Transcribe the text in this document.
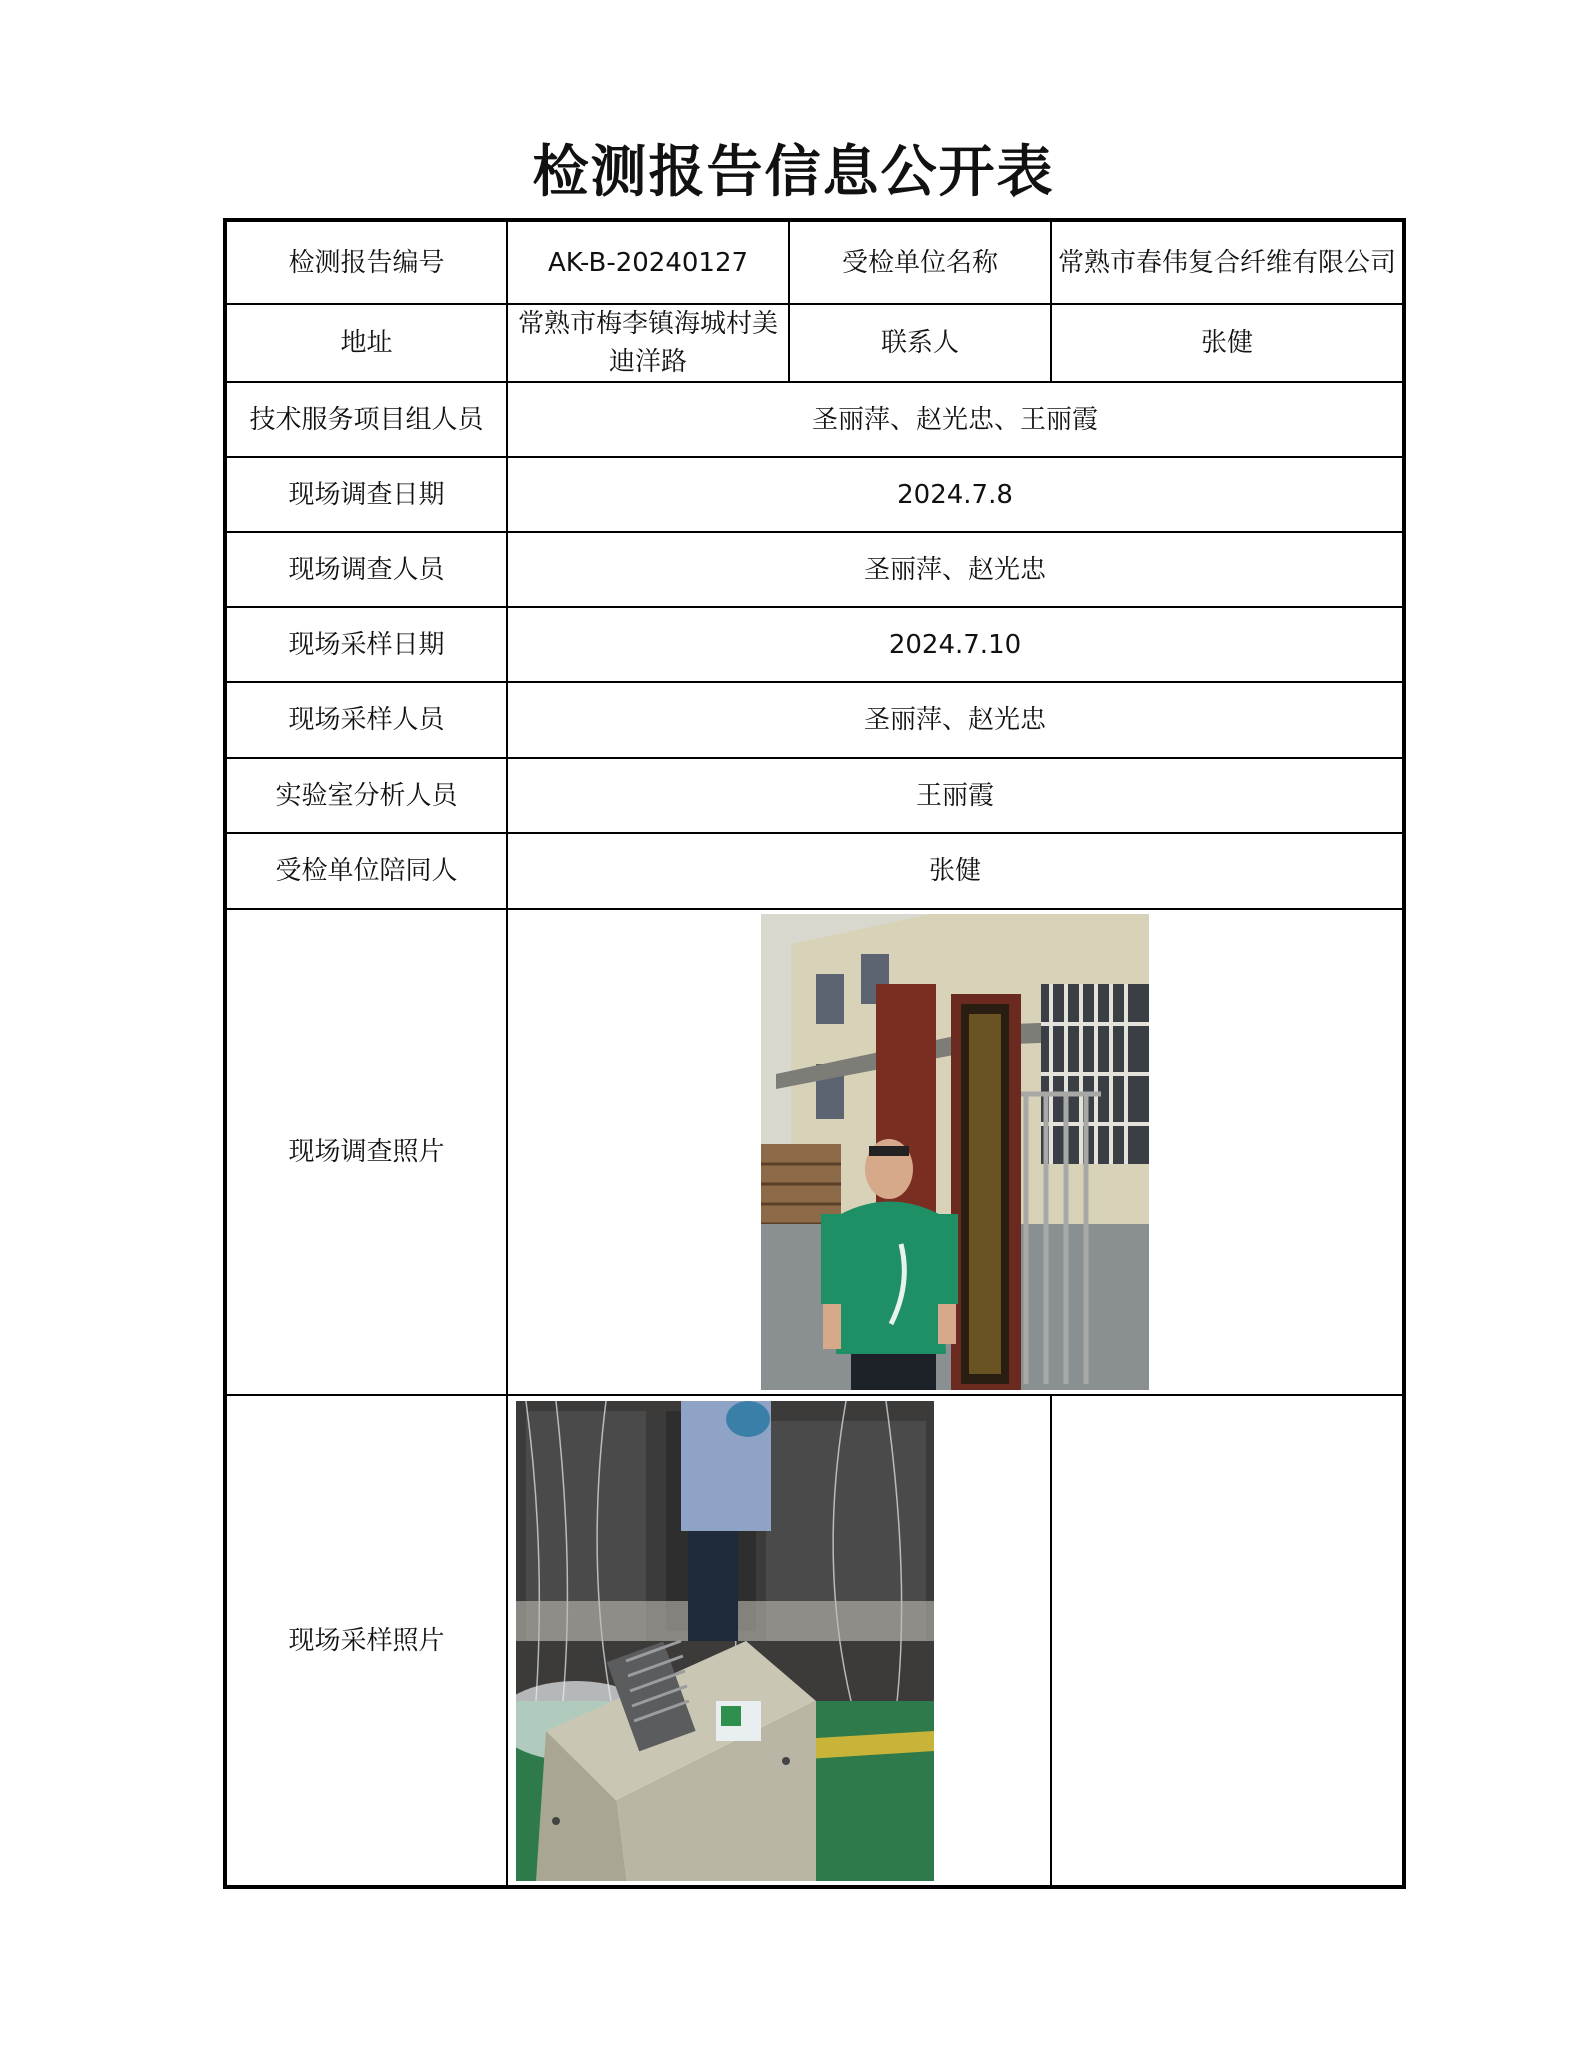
检测报告信息公开表
检测报告编号	AK-B-20240127	受检单位名称	常熟市春伟复合纤维有限公司
地址	常熟市梅李镇海城村美迪洋路	联系人	张健
技术服务项目组人员	圣丽萍、赵光忠、王丽霞		
现场调查日期	2024.7.8		
现场调查人员	圣丽萍、赵光忠		
现场采样日期	2024.7.10		
现场采样人员	圣丽萍、赵光忠		
实验室分析人员	王丽霞		
受检单位陪同人	张健		
现场调查照片	

现场采样照片	
